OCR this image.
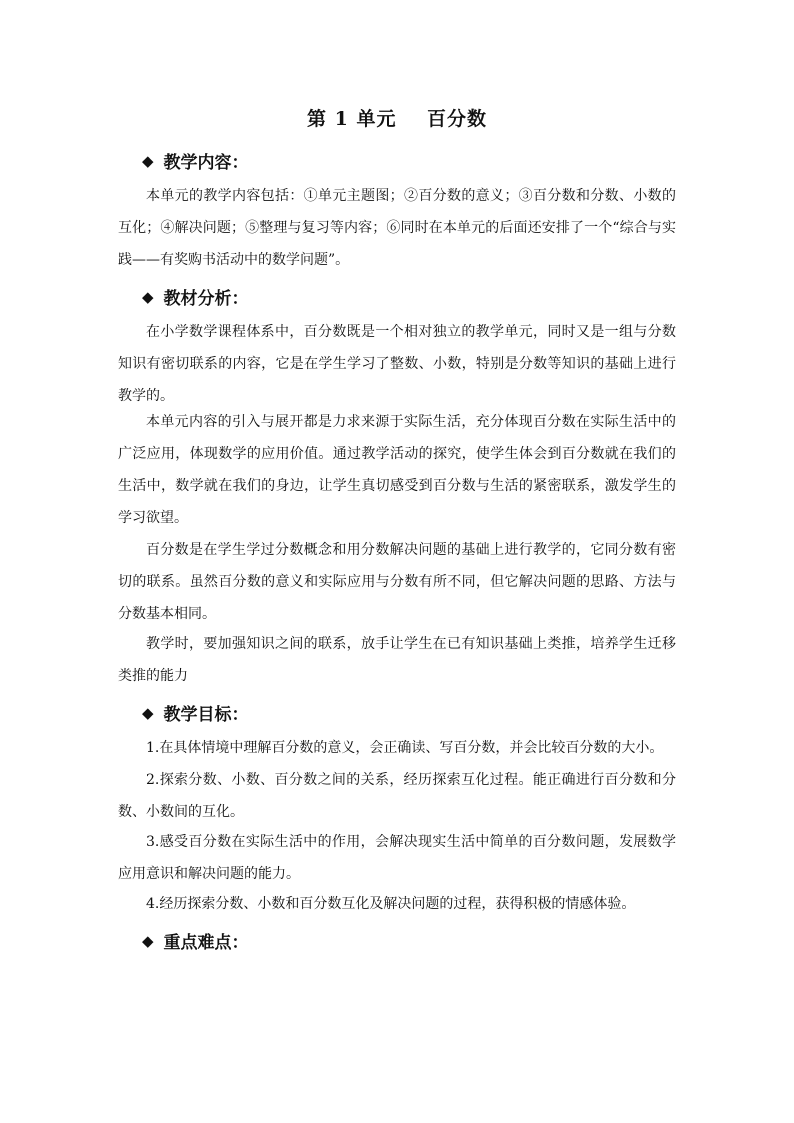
第 1 单元    百分数
◆ 教学内容：

本单元的教学内容包括：①单元主题图；②百分数的意义；③百分数和分数、小数的互化；④解决问题；⑤整理与复习等内容；⑥同时在本单元的后面还安排了一个“综合与实践——有奖购书活动中的数学问题”。

◆ 教材分析：

在小学数学课程体系中，百分数既是一个相对独立的教学单元，同时又是一组与分数知识有密切联系的内容，它是在学生学习了整数、小数，特别是分数等知识的基础上进行教学的。

本单元内容的引入与展开都是力求来源于实际生活，充分体现百分数在实际生活中的广泛应用，体现数学的应用价值。通过教学活动的探究，使学生体会到百分数就在我们的生活中，数学就在我们的身边，让学生真切感受到百分数与生活的紧密联系，激发学生的学习欲望。

百分数是在学生学过分数概念和用分数解决问题的基础上进行教学的，它同分数有密切的联系。虽然百分数的意义和实际应用与分数有所不同，但它解决问题的思路、方法与分数基本相同。

教学时，要加强知识之间的联系，放手让学生在已有知识基础上类推，培养学生迁移类推的能力

◆ 教学目标：

1.在具体情境中理解百分数的意义，会正确读、写百分数，并会比较百分数的大小。

2.探索分数、小数、百分数之间的关系，经历探索互化过程。能正确进行百分数和分数、小数间的互化。

3.感受百分数在实际生活中的作用，会解决现实生活中简单的百分数问题，发展数学应用意识和解决问题的能力。

4.经历探索分数、小数和百分数互化及解决问题的过程，获得积极的情感体验。

◆ 重点难点：
